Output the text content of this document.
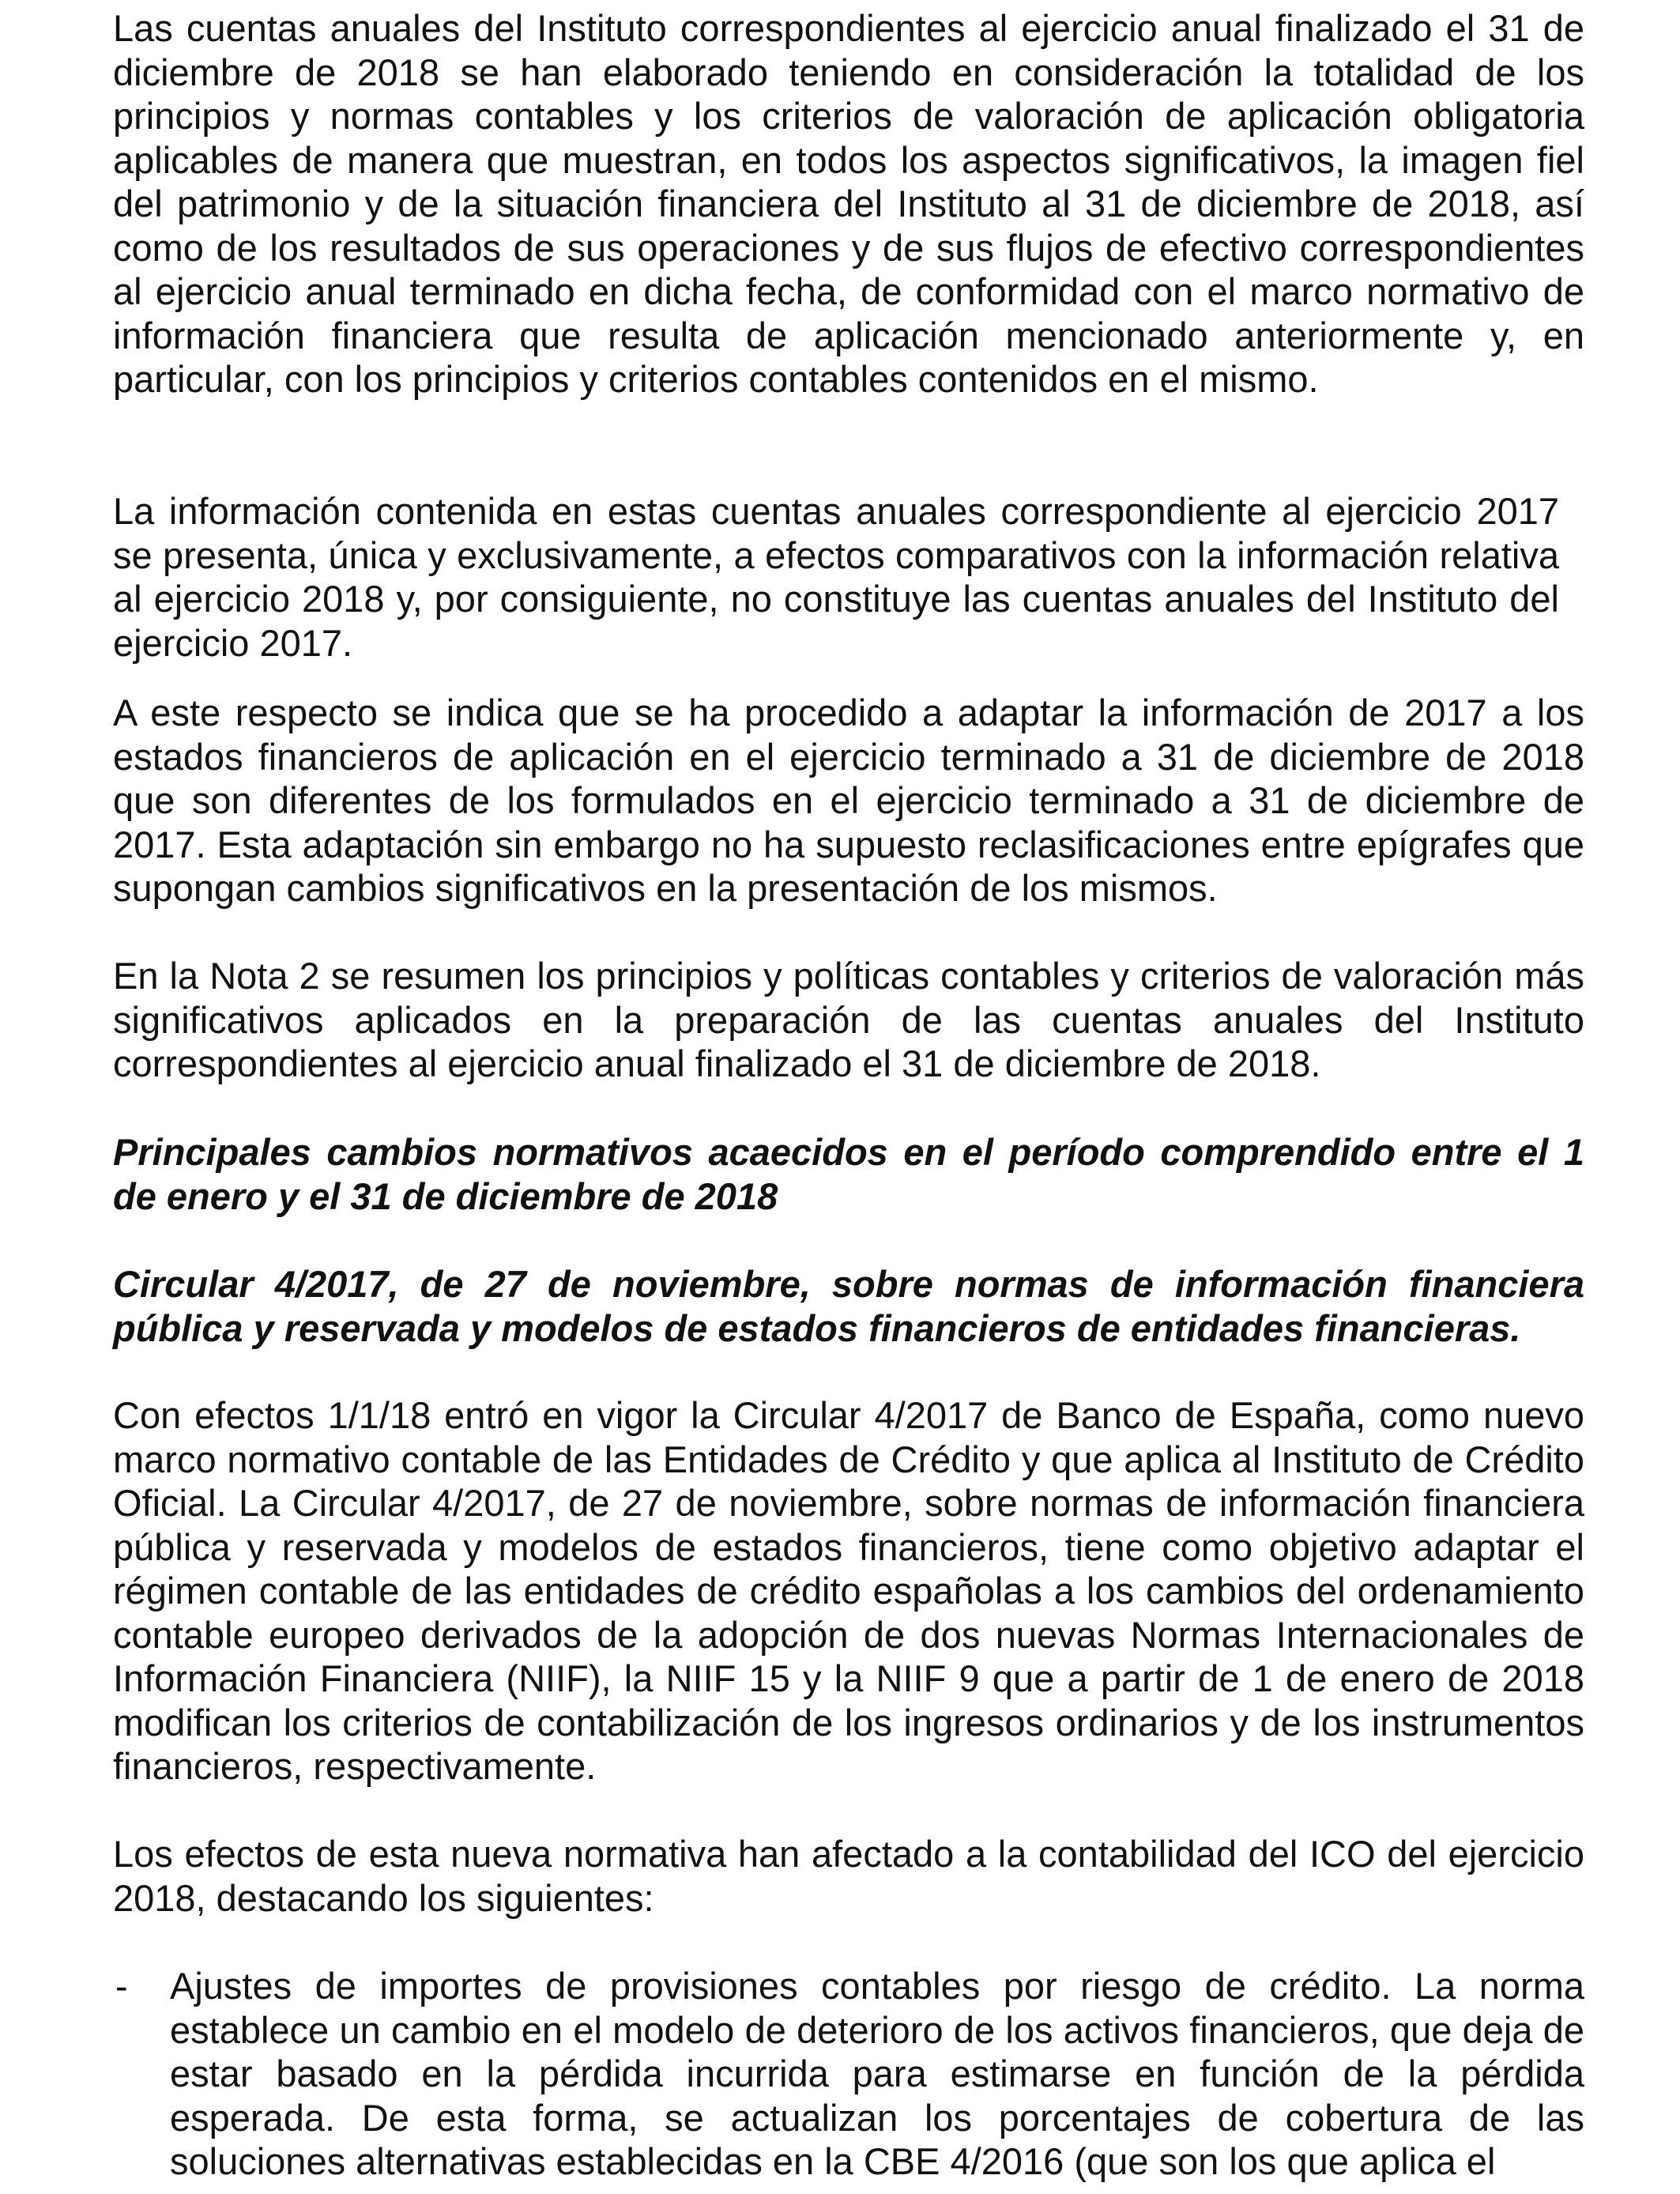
Las cuentas anuales del Instituto correspondientes al ejercicio anual finalizado el 31 de diciembre de 2018 se han elaborado teniendo en consideración la totalidad de los principios y normas contables y los criterios de valoración de aplicación obligatoria aplicables de manera que muestran, en todos los aspectos significativos, la imagen fiel del patrimonio y de la situación financiera del Instituto al 31 de diciembre de 2018, así como de los resultados de sus operaciones y de sus flujos de efectivo correspondientes al ejercicio anual terminado en dicha fecha, de conformidad con el marco normativo de información financiera que resulta de aplicación mencionado anteriormente y, en particular, con los principios y criterios contables contenidos en el mismo.

La información contenida en estas cuentas anuales correspondiente al ejercicio 2017 se presenta, única y exclusivamente, a efectos comparativos con la información relativa al ejercicio 2018 y, por consiguiente, no constituye las cuentas anuales del Instituto del ejercicio 2017.

A este respecto se indica que se ha procedido a adaptar la información de 2017 a los estados financieros de aplicación en el ejercicio terminado a 31 de diciembre de 2018 que son diferentes de los formulados en el ejercicio terminado a 31 de diciembre de 2017. Esta adaptación sin embargo no ha supuesto reclasificaciones entre epígrafes que supongan cambios significativos en la presentación de los mismos.

En la Nota 2 se resumen los principios y políticas contables y criterios de valoración más significativos aplicados en la preparación de las cuentas anuales del Instituto correspondientes al ejercicio anual finalizado el 31 de diciembre de 2018.

Principales cambios normativos acaecidos en el período comprendido entre el 1 de enero y el 31 de diciembre de 2018

Circular 4/2017, de 27 de noviembre, sobre normas de información financiera pública y reservada y modelos de estados financieros de entidades financieras.

Con efectos 1/1/18 entró en vigor la Circular 4/2017 de Banco de España, como nuevo marco normativo contable de las Entidades de Crédito y que aplica al Instituto de Crédito Oficial. La Circular 4/2017, de 27 de noviembre, sobre normas de información financiera pública y reservada y modelos de estados financieros, tiene como objetivo adaptar el régimen contable de las entidades de crédito españolas a los cambios del ordenamiento contable europeo derivados de la adopción de dos nuevas Normas Internacionales de Información Financiera (NIIF), la NIIF 15 y la NIIF 9 que a partir de 1 de enero de 2018 modifican los criterios de contabilización de los ingresos ordinarios y de los instrumentos financieros, respectivamente.

Los efectos de esta nueva normativa han afectado a la contabilidad del ICO del ejercicio 2018, destacando los siguientes:

- Ajustes de importes de provisiones contables por riesgo de crédito. La norma establece un cambio en el modelo de deterioro de los activos financieros, que deja de estar basado en la pérdida incurrida para estimarse en función de la pérdida esperada. De esta forma, se actualizan los porcentajes de cobertura de las soluciones alternativas establecidas en la CBE 4/2016 (que son los que aplica el
